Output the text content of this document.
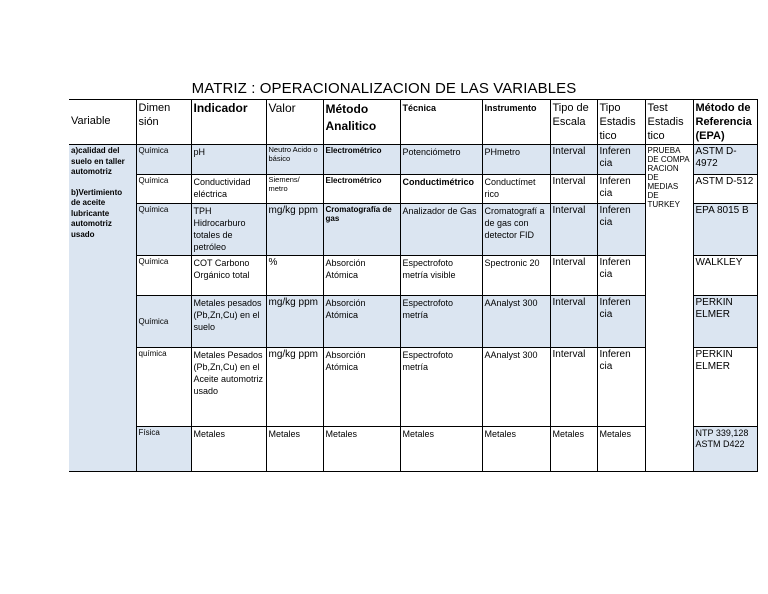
MATRIZ : OPERACIONALIZACION DE LAS VARIABLES
Variable	Dimen sión	Indicador	Valor	Método Analitico	Técnica	Instrumento	Tipo de Escala	Tipo Estadis tico	Test Estadis tico	Método de Referencia (EPA)
a)calidad del suelo en taller automotriz
b)Vertimiento de aceite lubricante automotriz usado	Química	pH	Neutro Acido o básico	Electrométrico	Potenciómetro	PHmetro	Interval	Inferen cia	PRUEBA DE COMPA RACION DE MEDIAS DE TURKEY	ASTM D-4972
	Química	Conductividad eléctrica	Siemens/ metro	Electrométrico	Conductimétrico	Conductímet rico	Interval	Inferen cia		ASTM D-512
	Química	TPH Hidrocarburo totales de petróleo	mg/kg ppm	Cromatografía de gas	Analizador de Gas	Cromatografí a de gas con detector FID	Interval	Inferen cia		EPA 8015 B
	Química	COT Carbono Orgánico total	%	Absorción Atómica	Espectrofoto metría visible	Spectronic 20	Interval	Inferen cia		WALKLEY
	Química	Metales pesados (Pb,Zn,Cu) en el suelo	mg/kg ppm	Absorción Atómica	Espectrofoto metría	AAnalyst 300	Interval	Inferen cia		PERKIN ELMER
	química	Metales Pesados (Pb,Zn,Cu) en el Aceite automotriz usado	mg/kg ppm	Absorción Atómica	Espectrofoto metría	AAnalyst 300	Interval	Inferen cia		PERKIN ELMER
	Física	Metales	Metales	Metales	Metales	Metales	Metales	Metales		NTP 339,128 ASTM D422
